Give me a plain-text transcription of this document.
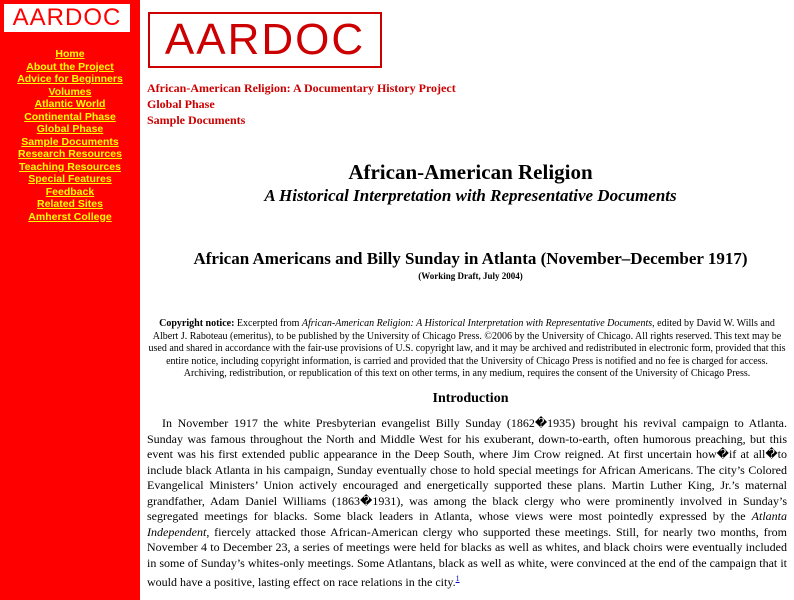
AARDOC
Home
About the Project
Advice for Beginners
Volumes
Atlantic World
Continental Phase
Global Phase
Sample Documents
Research Resources
Teaching Resources
Special Features
Feedback
Related Sites
Amherst College
AARDOC
African-American Religion: A Documentary History Project
Global Phase
Sample Documents
African-American Religion
A Historical Interpretation with Representative Documents
African Americans and Billy Sunday in Atlanta (November–December 1917)
(Working Draft, July 2004)
Copyright notice: Excerpted from African-American Religion: A Historical Interpretation with Representative Documents, edited by David W. Wills and Albert J. Raboteau (emeritus), to be published by the University of Chicago Press. ©2006 by the University of Chicago. All rights reserved. This text may be used and shared in accordance with the fair-use provisions of U.S. copyright law, and it may be archived and redistributed in electronic form, provided that this entire notice, including copyright information, is carried and provided that the University of Chicago Press is notified and no fee is charged for access. Archiving, redistribution, or republication of this text on other terms, in any medium, requires the consent of the University of Chicago Press.
Introduction
In November 1917 the white Presbyterian evangelist Billy Sunday (1862�1935) brought his revival campaign to Atlanta. Sunday was famous throughout the North and Middle West for his exuberant, down-to-earth, often humorous preaching, but this event was his first extended public appearance in the Deep South, where Jim Crow reigned. At first uncertain how�if at all�to include black Atlanta in his campaign, Sunday eventually chose to hold special meetings for African Americans. The city’s Colored Evangelical Ministers’ Union actively encouraged and energetically supported these plans. Martin Luther King, Jr.’s maternal grandfather, Adam Daniel Williams (1863�1931), was among the black clergy who were prominently involved in Sunday’s segregated meetings for blacks. Some black leaders in Atlanta, whose views were most pointedly expressed by the Atlanta Independent, fiercely attacked those African-American clergy who supported these meetings. Still, for nearly two months, from November 4 to December 23, a series of meetings were held for blacks as well as whites, and black choirs were eventually included in some of Sunday’s whites-only meetings. Some Atlantans, black as well as white, were convinced at the end of the campaign that it would have a positive, lasting effect on race relations in the city.$^1$
